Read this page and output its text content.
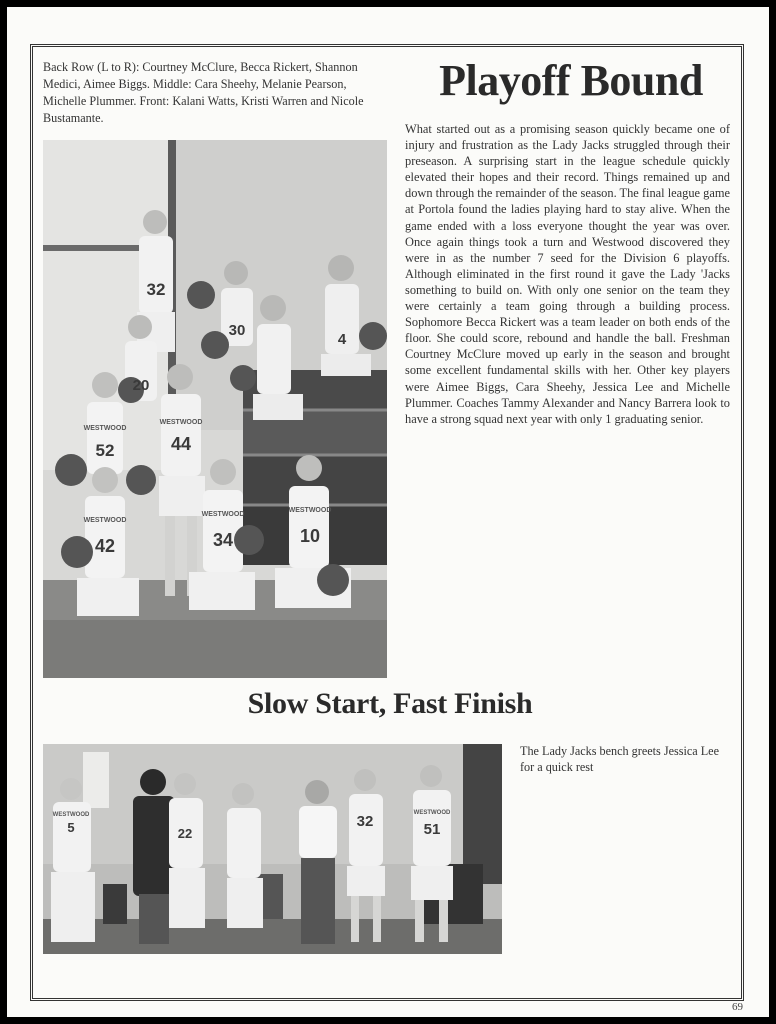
Back Row (L to R): Courtney McClure, Becca Rickert, Shannon Medici, Aimee Biggs. Middle: Cara Sheehy, Melanie Pearson, Michelle Plummer. Front: Kalani Watts, Kristi Warren and Nicole Bustamante.
Playoff Bound
What started out as a promising season quickly became one of injury and frustration as the Lady Jacks struggled through their preseason. A surprising start in the league schedule quickly elevated their hopes and their record. Things remained up and down through the remainder of the season. The final league game at Portola found the ladies playing hard to stay alive. When the game ended with a loss everyone thought the year was over. Once again things took a turn and Westwood discovered they were in as the number 7 seed for the Division 6 playoffs. Although eliminated in the first round it gave the Lady 'Jacks something to build on. With only one senior on the team they were certainly a team going through a building process. Sophomore Becca Rickert was a team leader on both ends of the floor. She could score, rebound and handle the ball. Freshman Courtney McClure moved up early in the season and brought some excellent fundamental skills with her. Other key players were Aimee Biggs, Cara Sheehy, Jessica Lee and Michelle Plummer. Coaches Tammy Alexander and Nancy Barrera look to have a strong squad next year with only 1 graduating senior.
32
30
4
20
52	44
42	34	10
WESTWOOD
WESTWOOD
WESTWOOD
WESTWOOD
WESTWOOD
Slow Start, Fast Finish
5	22
32	51
WESTWOOD
WESTWOOD
The Lady Jacks bench greets Jessica Lee for a quick rest
69
